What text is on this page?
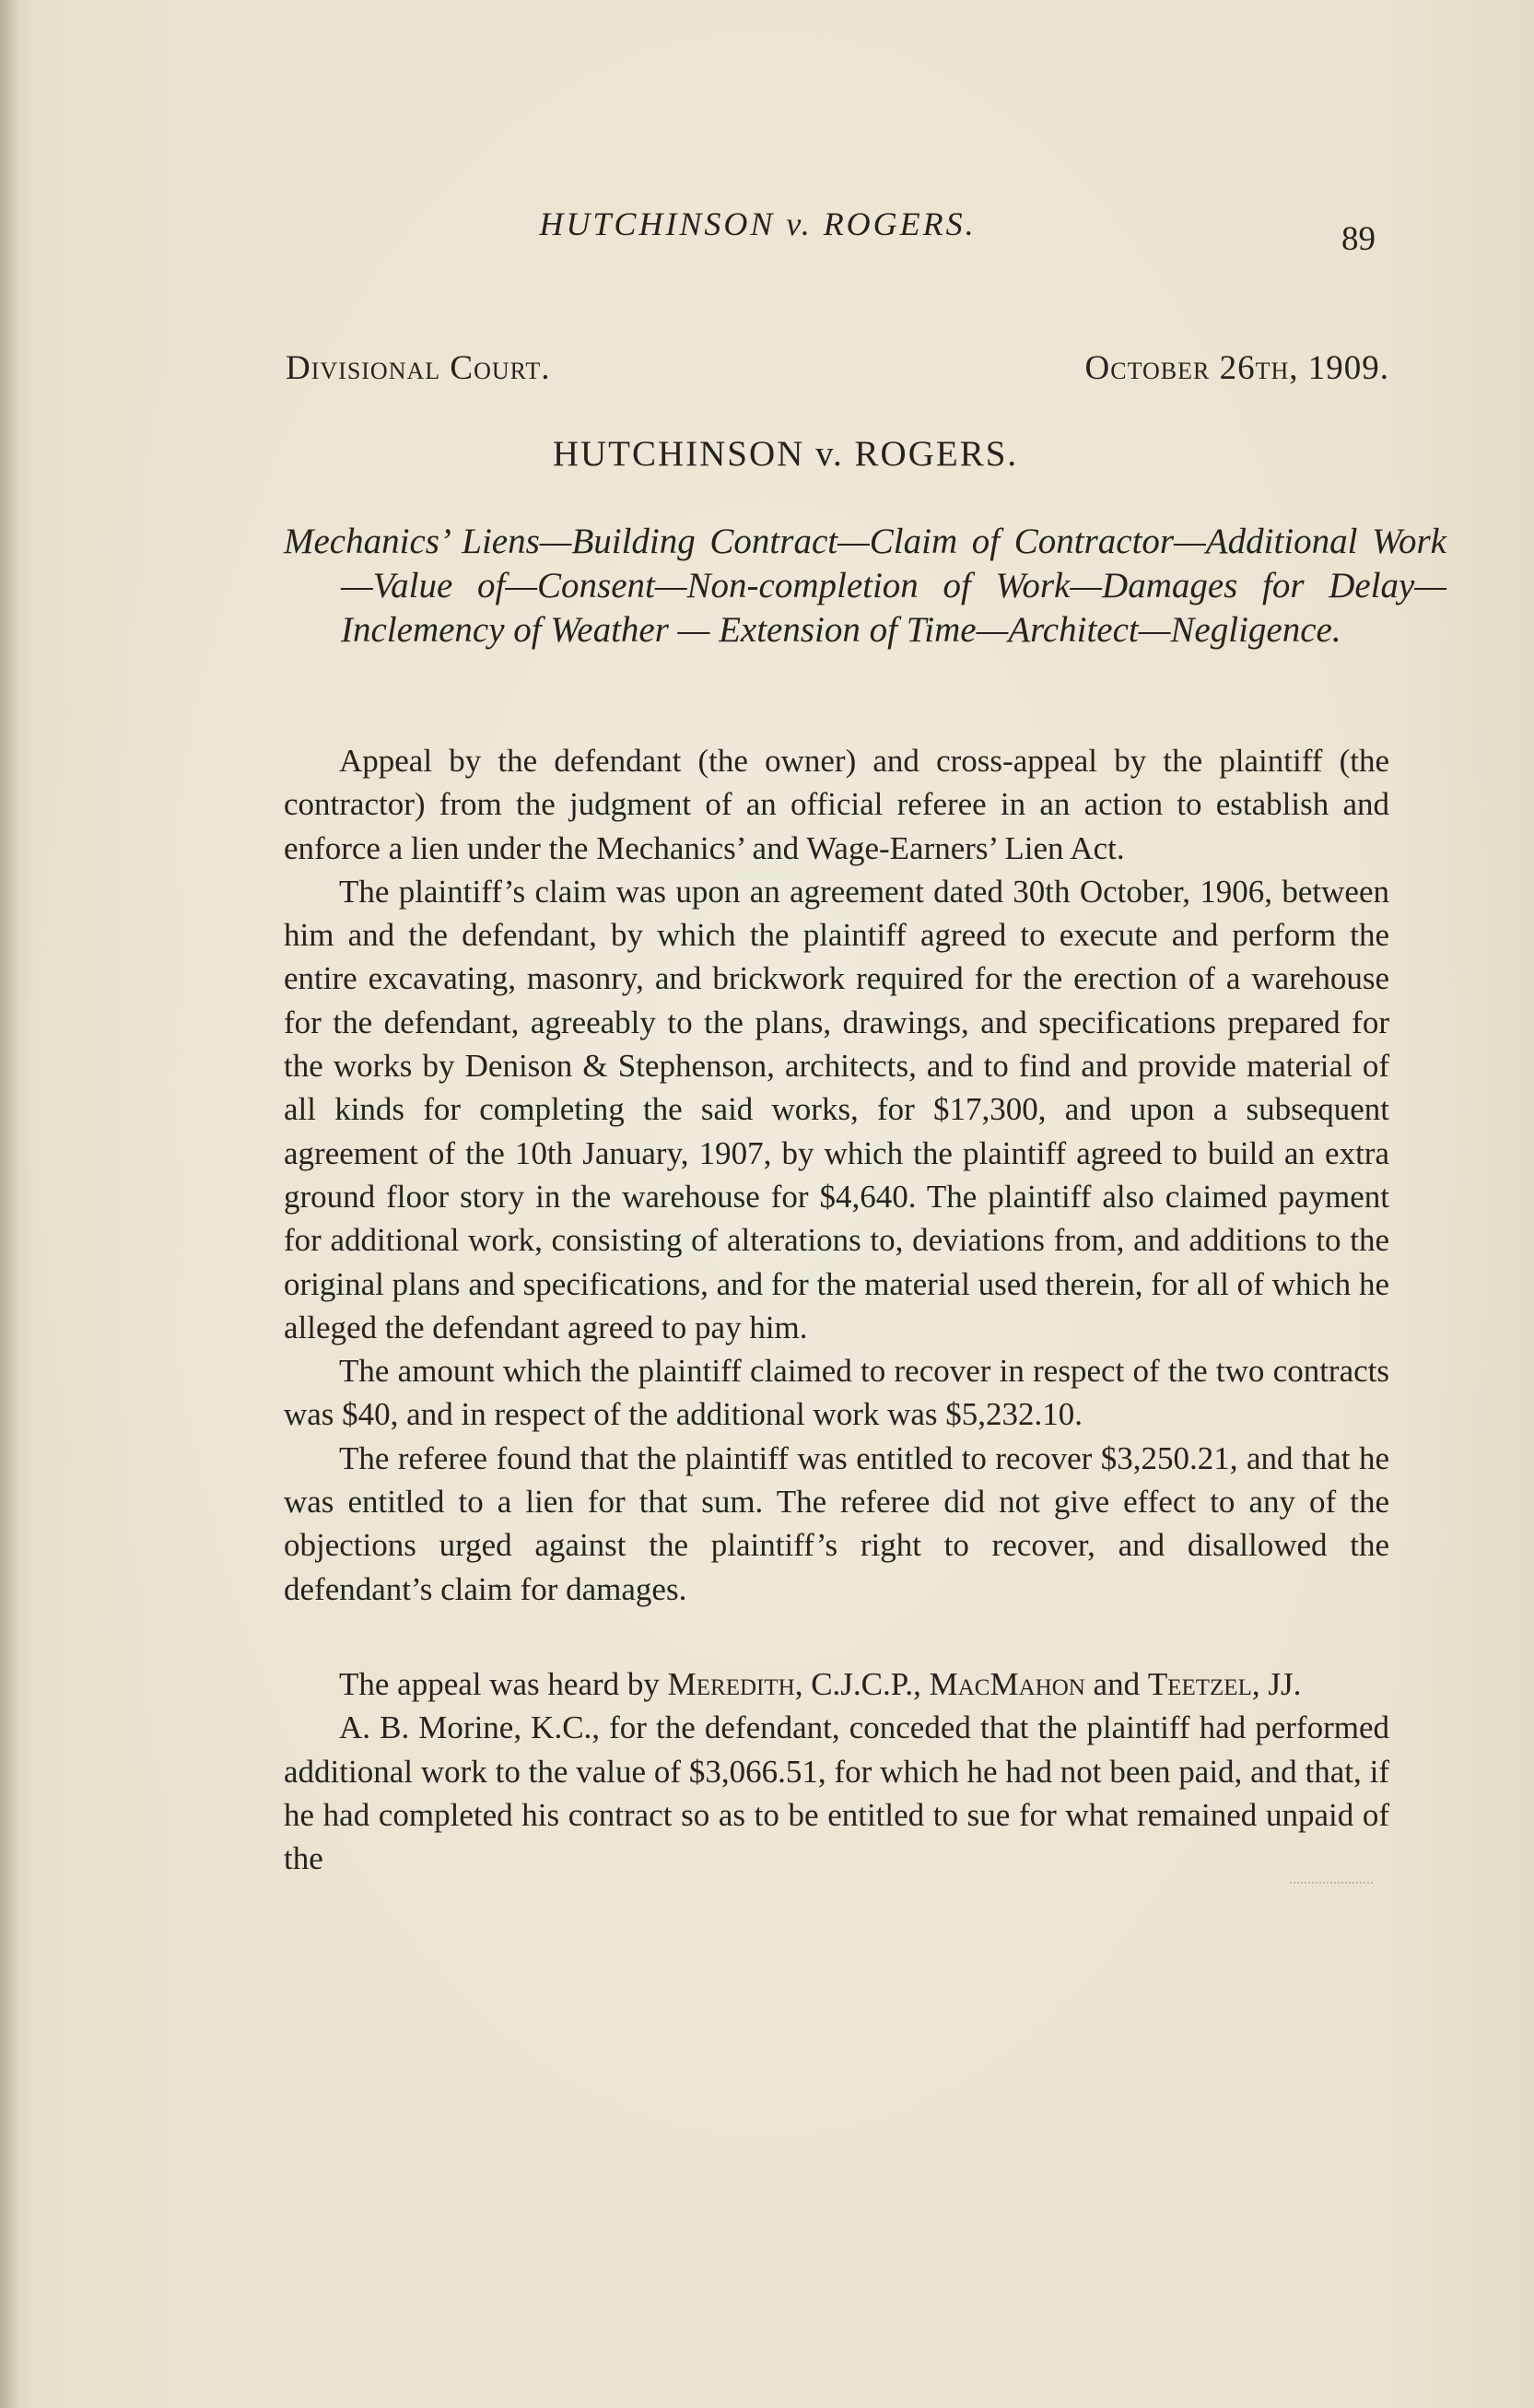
HUTCHINSON v. ROGERS.	89
Divisional Court.	October 26th, 1909.
HUTCHINSON v. ROGERS.
Mechanics’ Liens—Building Contract—Claim of Contractor—Additional Work—Value of—Consent—Non-completion of Work—Damages for Delay—Inclemency of Weather — Extension of Time—Architect—Negligence.

Appeal by the defendant (the owner) and cross-appeal by the plaintiff (the contractor) from the judgment of an official referee in an action to establish and enforce a lien under the Mechanics’ and Wage-Earners’ Lien Act.

The plaintiff’s claim was upon an agreement dated 30th October, 1906, between him and the defendant, by which the plaintiff agreed to execute and perform the entire excavating, masonry, and brickwork required for the erection of a warehouse for the defendant, agreeably to the plans, drawings, and specifications prepared for the works by Denison & Stephenson, architects, and to find and provide material of all kinds for completing the said works, for $17,300, and upon a subsequent agreement of the 10th January, 1907, by which the plaintiff agreed to build an extra ground floor story in the warehouse for $4,640. The plaintiff also claimed payment for additional work, consisting of alterations to, deviations from, and additions to the original plans and specifications, and for the material used therein, for all of which he alleged the defendant agreed to pay him.

The amount which the plaintiff claimed to recover in respect of the two contracts was $40, and in respect of the additional work was $5,232.10.

The referee found that the plaintiff was entitled to recover $3,250.21, and that he was entitled to a lien for that sum. The referee did not give effect to any of the objections urged against the plaintiff’s right to recover, and disallowed the defendant’s claim for damages.

The appeal was heard by Meredith, C.J.C.P., MacMahon and Teetzel, JJ.

A. B. Morine, K.C., for the defendant, conceded that the plaintiff had performed additional work to the value of $3,066.51, for which he had not been paid, and that, if he had completed his contract so as to be entitled to sue for what remained unpaid of the
